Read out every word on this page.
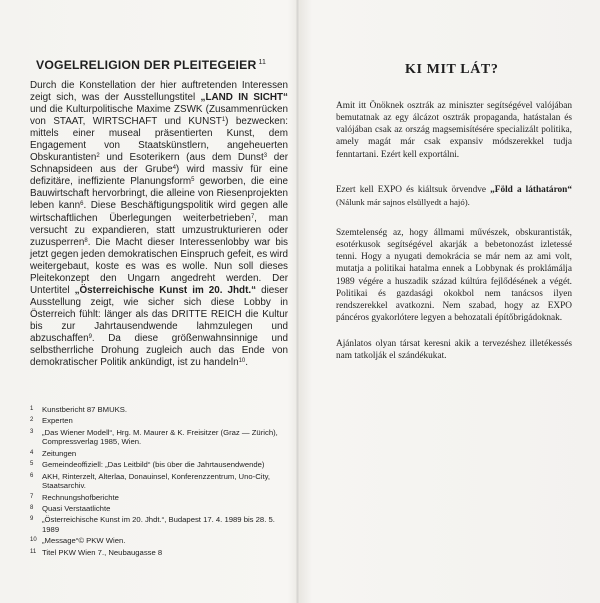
VOGELRELIGION DER PLEITEGEIER $^{11}$
Durch die Konstellation der hier auftretenden Interessen zeigt sich, was der Ausstellungstitel „LAND IN SICHT“ und die Kulturpolitische Maxime ZSWK (Zusammenrücken von STAAT, WIRTSCHAFT und KUNST$^1$) bezwecken: mittels einer museal präsentierten Kunst, dem Engagement von Staatskünstlern, angeheuerten Obskurantisten$^2$ und Esoterikern (aus dem Dunst$^3$ der Schnapsideen aus der Grube$^4$) wird massiv für eine defizitäre, ineffiziente Planungsform$^5$ geworben, die eine Bauwirtschaft hervorbringt, die alleine von Riesenprojekten leben kann$^6$. Diese Beschäftigungspolitik wird gegen alle wirtschaftlichen Überlegungen weiterbetrieben$^7$, man versucht zu expandieren, statt umzustrukturieren oder zuzusperren$^8$. Die Macht dieser Interessenlobby war bis jetzt gegen jeden demokratischen Einspruch gefeit, es wird weitergebaut, koste es was es wolle. Nun soll dieses Pleitekonzept den Ungarn angedreht werden. Der Untertitel „Österreichische Kunst im 20. Jhdt.“ dieser Ausstellung zeigt, wie sicher sich diese Lobby in Österreich fühlt: länger als das DRITTE REICH die Kultur bis zur Jahrtausendwende lahmzulegen und abzuschaffen$^9$. Da diese größenwahnsinnige und selbstherrliche Drohung zugleich auch das Ende von demokratischer Politik ankündigt, ist zu handeln$^{10}$.
1 Kunstbericht 87 BMUKS.
2 Experten
3 „Das Wiener Modell“, Hrg. M. Maurer & K. Freisitzer (Graz — Zürich), Compressverlag 1985, Wien.
4 Zeitungen
5 Gemeindeoffiziell: „Das Leitbild“ (bis über die Jahrtausendwende)
6 AKH, Rinterzelt, Alterlaa, Donauinsel, Konferenzzentrum, Uno-City, Staatsarchiv.
7 Rechnungshofberichte
8 Quasi Verstaatlichte
9 „Österreichische Kunst im 20. Jhdt.“, Budapest 17. 4. 1989 bis 28. 5. 1989
10 „Message“© PKW Wien.
11 Titel PKW Wien 7., Neubaugasse 8
KI MIT LÁT?
Amit itt Önöknek osztrák az miniszter segítségével valójában bemutatnak az egy álcázot osztrák propaganda, hatástalan és valójában csak az ország magsemisítésére specializált politika, amely magát már csak expansiv módszerekkel tudja fenntartani. Ezért kell exportálni.
Ezert kell EXPO és kiáltsuk örvendve „Föld a láthatáron“ (Nálunk már sajnos elsüllyedt a hajó).
Szemtelenség az, hogy állmami művészek, obskurantisták, esotérkusok segítségével akarják a bebetonozást izletessé tenni. Hogy a nyugati demokrácia se már nem az ami volt, mutatja a politikai hatalma ennek a Lobbynak és proklámálja 1989 végére a huszadik század kúltúra fejlődésének a végét. Politikai és gazdasági okokbol nem tanácsos ilyen rendszerekkel avatkozni. Nem szabad, hogy az EXPO páncéros gyakorlótere legyen a behozatali építőbrigádoknak.
Ajánlatos olyan társat keresni akik a tervezéshez illetékessés nam tatkolják el szándékukat.
